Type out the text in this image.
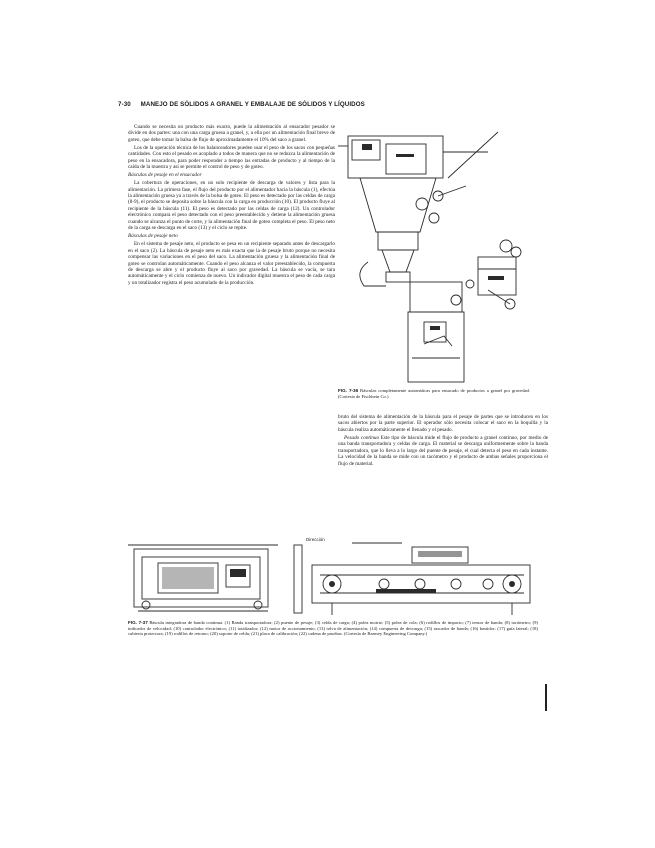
7-30 MANEJO DE SÓLIDOS A GRANEL Y EMBALAJE DE SÓLIDOS Y LÍQUIDOS

Cuando se necesita un producto más exacto, puede la alimentación al ensacador pesador se divide en dos partes: una con una carga gruesa a granel, y, a ella por un alimentación final breve de goteo, que debe tomar la balsa de flujo de aproximadamente el 10% del saco a granel.

Los de la operación técnica de los balanceadores pueden usar el peso de los sacos con pequeñas cantidades. Con esto el pesado es acoplado a todos de manera que no se reduzca la alimentación de peso en la ensacadora, para poder responder a tiempo las entradas de producto y al tiempo de la caída de la muestra y así se permite el control de peso y de goteo.

Básculas de pesaje en el ensacador

La cobertura de operaciones, en un solo recipiente de descarga de valores y lista para la alimentación. La primera fase, el flujo del producto por el alimentador hacia la báscula (1), efectúa la alimentación gruesa ya a través de la bolsa de goteo. El peso es detectado por las celdas de carga (8-9), el producto se deposita sobre la báscula con la carga en producción (10). El producto fluye al recipiente de la báscula (11). El peso es detectado por las celdas de carga (12). Un controlador electrónico compara el peso detectado con el peso preestablecido y detiene la alimentación gruesa cuando se alcanza el punto de corte, y la alimentación final de goteo completa el peso. El peso neto de la carga se descarga en el saco (13) y el ciclo se repite.

Básculas de pesaje neto

En el sistema de pesaje neto, el producto se pesa en un recipiente separado antes de descargarlo en el saco (2). La báscula de pesaje neto es más exacta que la de pesaje bruto porque no necesita compensar las variaciones en el peso del saco. La alimentación gruesa y la alimentación final de goteo se controlan automáticamente. Cuando el peso alcanza el valor preestablecido, la compuerta de descarga se abre y el producto fluye al saco por gravedad. La báscula se vacía, se tara automáticamente y el ciclo comienza de nuevo. Un indicador digital muestra el peso de cada carga y un totalizador registra el peso acumulado de la producción.

FIG. 7-36 Básculas completamente automáticas para ensacado de productos a granel por gravedad. (Cortesía de Fischbein Co.)

bruto del sistema de alimentación de la báscula para el pesaje de partes que se introducen en los sacos abiertos por la parte superior. El operador sólo necesita colocar el saco en la boquilla y la báscula realiza automáticamente el llenado y el pesado.

Pesado continuo Este tipo de báscula mide el flujo de producto a granel continuo, por medio de una banda transportadora y celdas de carga. El material se descarga uniformemente sobre la banda transportadora, que lo lleva a lo largo del puente de pesaje, el cual detecta el peso en cada instante. La velocidad de la banda se mide con un tacómetro y el producto de ambas señales proporciona el flujo de material.

Dirección
FIG. 7-37 Báscula integradora de banda continua. (1) Banda transportadora; (2) puente de pesaje; (3) celda de carga; (4) polea motriz; (5) polea de cola; (6) rodillos de impacto; (7) tensor de banda; (8) tacómetro; (9) indicador de velocidad; (10) controlador electrónico; (11) totalizador; (12) motor de accionamiento; (13) tolva de alimentación; (14) compuerta de descarga; (15) rascador de banda; (16) bastidor; (17) guía lateral; (18) cubierta protectora; (19) rodillos de retorno; (20) soporte de celda; (21) placa de calibración; (22) cadena de pruebas. (Cortesía de Ramsey Engineering Company.)
